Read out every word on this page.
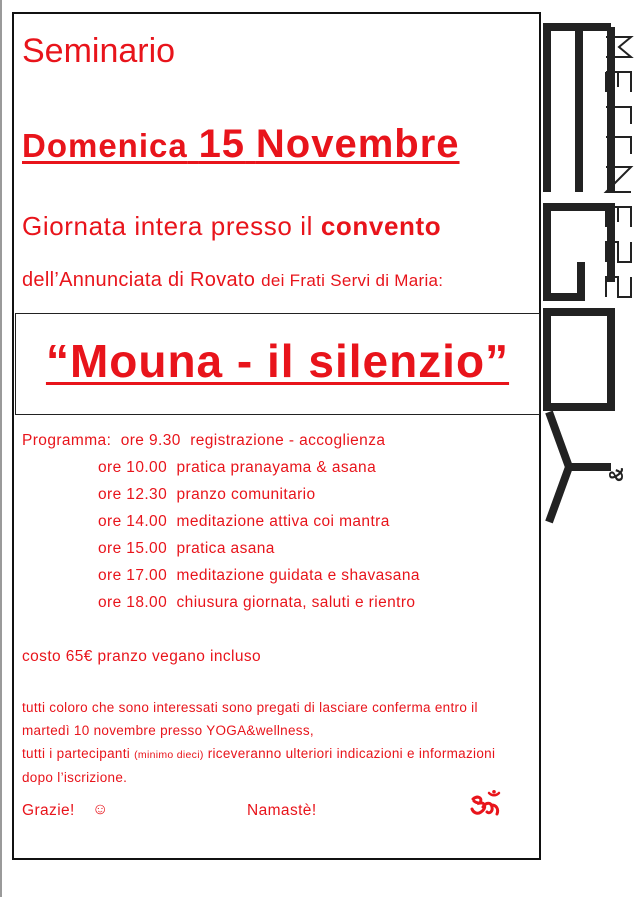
Seminario
Domenica 15 Novembre
Giornata intera presso il convento
dell’Annunciata di Rovato dei Frati Servi di Maria:
“Mouna - il silenzio”
Programma: ore 9.30 registrazione - accoglienza
ore 10.00 pratica pranayama & asana
ore 12.30 pranzo comunitario
ore 14.00 meditazione attiva coi mantra
ore 15.00 pratica asana
ore 17.00 meditazione guidata e shavasana
ore 18.00 chiusura giornata, saluti e rientro
costo 65€ pranzo vegano incluso
tutti coloro che sono interessati sono pregati di lasciare conferma entro il
martedì 10 novembre presso YOGA&wellness,
tutti i partecipanti (minimo dieci) riceveranno ulteriori indicazioni e informazioni
dopo l’iscrizione.
Grazie! ☺	Namastè!
&
